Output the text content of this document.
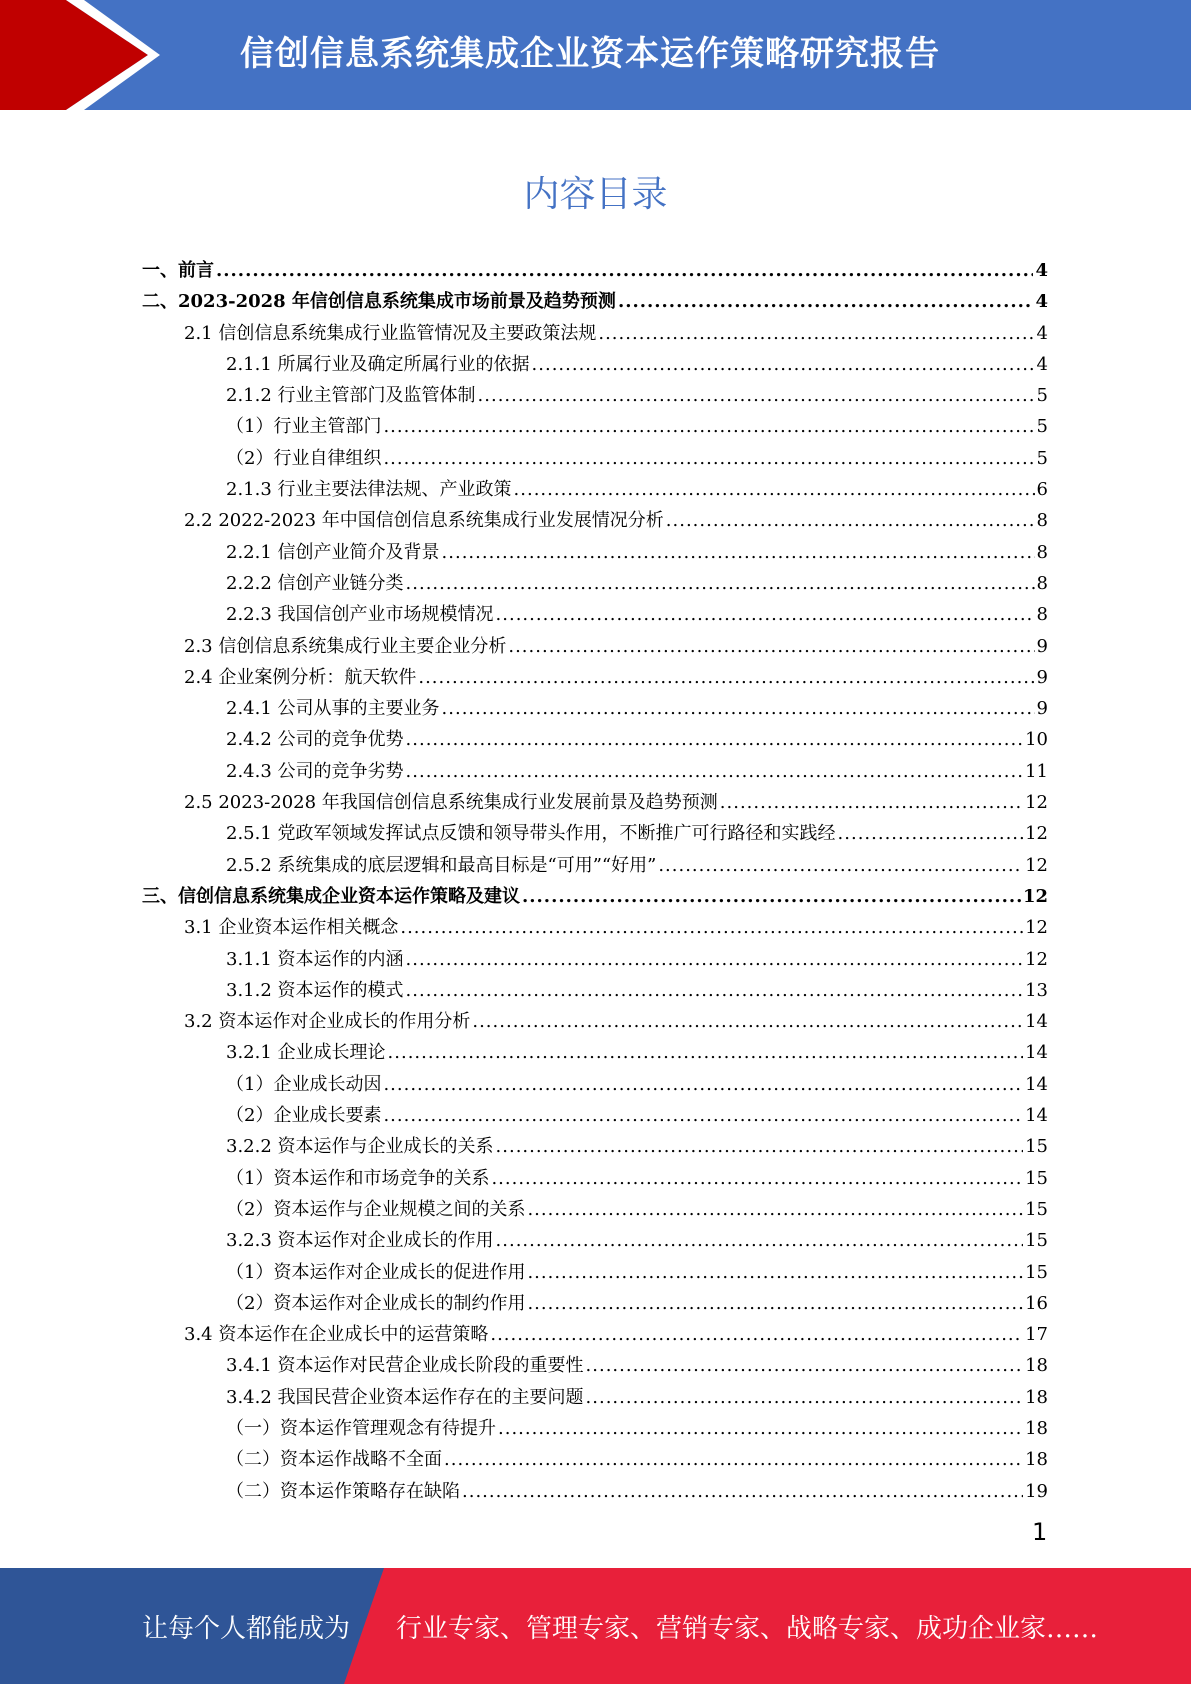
信创信息系统集成企业资本运作策略研究报告
内容目录
一、前言 .....	4
二、2023-2028 年信创信息系统集成市场前景及趋势预测 .....	4
2.1 信创信息系统集成行业监管情况及主要政策法规 .....	4
2.1.1 所属行业及确定所属行业的依据 .....	4
2.1.2 行业主管部门及监管体制 .....	5
（1）行业主管部门 .....	5
（2）行业自律组织 .....	5
2.1.3 行业主要法律法规、产业政策 .....	6
2.2 2022-2023 年中国信创信息系统集成行业发展情况分析 .....	8
2.2.1 信创产业简介及背景 .....	8
2.2.2 信创产业链分类 .....	8
2.2.3 我国信创产业市场规模情况 .....	8
2.3 信创信息系统集成行业主要企业分析 .....	9
2.4 企业案例分析：航天软件 .....	9
2.4.1 公司从事的主要业务 .....	9
2.4.2 公司的竞争优势 .....	10
2.4.3 公司的竞争劣势 .....	11
2.5 2023-2028 年我国信创信息系统集成行业发展前景及趋势预测 .....	12
2.5.1 党政军领域发挥试点反馈和领导带头作用，不断推广可行路径和实践经 .....	12
2.5.2 系统集成的底层逻辑和最高目标是“可用”“好用” .....	12
三、信创信息系统集成企业资本运作策略及建议 .....	12
3.1 企业资本运作相关概念 .....	12
3.1.1 资本运作的内涵 .....	12
3.1.2 资本运作的模式 .....	13
3.2 资本运作对企业成长的作用分析 .....	14
3.2.1 企业成长理论 .....	14
（1）企业成长动因 .....	14
（2）企业成长要素 .....	14
3.2.2 资本运作与企业成长的关系 .....	15
（1）资本运作和市场竞争的关系 .....	15
（2）资本运作与企业规模之间的关系 .....	15
3.2.3 资本运作对企业成长的作用 .....	15
（1）资本运作对企业成长的促进作用 .....	15
（2）资本运作对企业成长的制约作用 .....	16
3.4 资本运作在企业成长中的运营策略 .....	17
3.4.1 资本运作对民营企业成长阶段的重要性 .....	18
3.4.2 我国民营企业资本运作存在的主要问题 .....	18
（一）资本运作管理观念有待提升 .....	18
（二）资本运作战略不全面 .....	18
（二）资本运作策略存在缺陷 .....	19
1
让每个人都能成为 行业专家、管理专家、营销专家、战略专家、成功企业家……
